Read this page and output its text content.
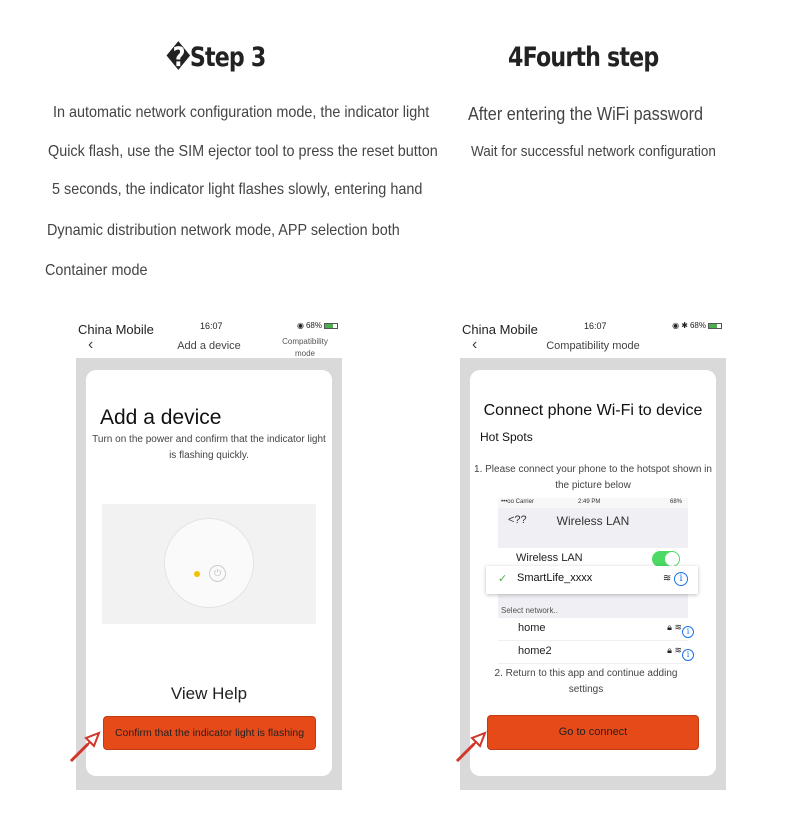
�Step 3
In automatic network configuration mode, the indicator light
Quick flash, use the SIM ejector tool to press the reset button
5 seconds, the indicator light flashes slowly, entering hand
Dynamic distribution network mode, APP selection both
Container mode
4Fourth step
After entering the WiFi password
Wait for successful network configuration
China Mobile	16:07	◉ 68%
‹	Add a device	Compatibility mode
Add a device
Turn on the power and confirm that the indicator light is flashing quickly.
⏻
View Help
Confirm that the indicator light is flashing
China Mobile	16:07	◉ ✱ 68%
‹	Compatibility mode
Connect phone Wi-Fi to device
Hot Spots
1. Please connect your phone to the hotspot shown in the picture below
•••oo Carrier	2:49 PM	68%
<??	Wireless LAN
Wireless LAN
Select network..
home	🔒︎ ≋ i
home2	🔒︎ ≋ i
✓ SmartLife_xxxx	≋ i
2. Return to this app and continue adding settings
Go to connect
